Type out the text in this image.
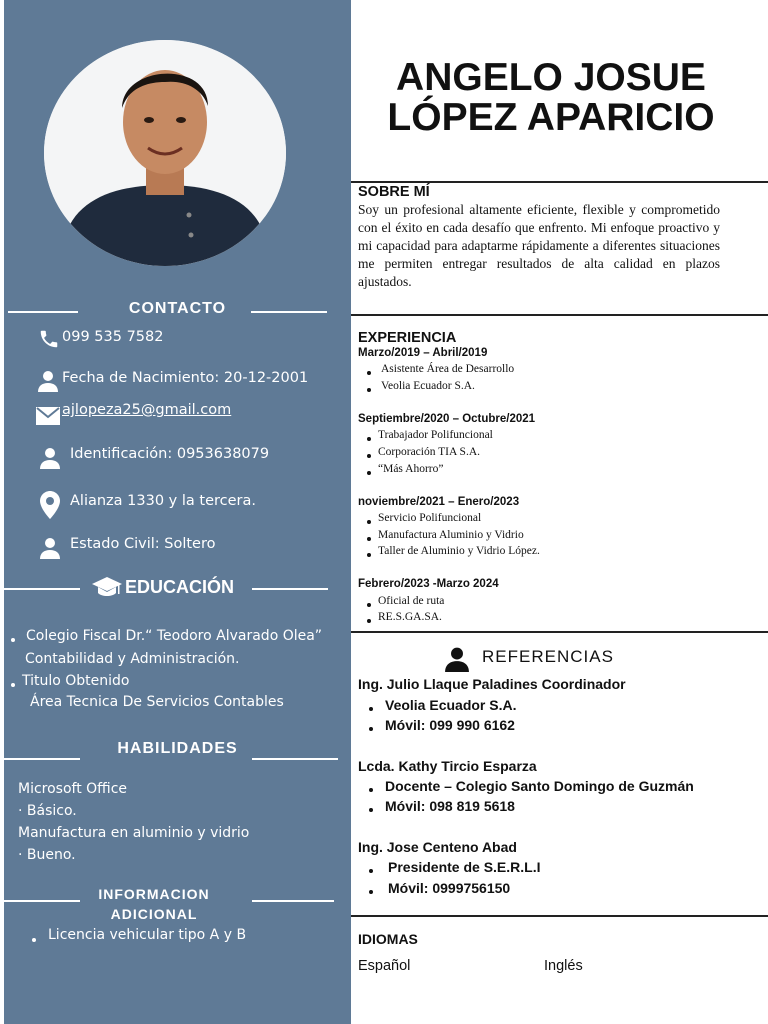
CONTACTO
099 535 7582
Fecha de Nacimiento: 20-12-2001
ajlopeza25@gmail.com
Identificación: 0953638079
Alianza 1330 y la tercera.
Estado Civil: Soltero
EDUCACIÓN
Colegio Fiscal Dr.“ Teodoro Alvarado Olea”
Contabilidad y Administración.
Titulo Obtenido
Área Tecnica De Servicios Contables
HABILIDADES
Microsoft Office
· Básico.
Manufactura en aluminio y vidrio
· Bueno.
INFORMACION
ADICIONAL
Licencia vehicular tipo A y B
ANGELO JOSUE
LÓPEZ APARICIO
SOBRE MÍ
Soy un profesional altamente eficiente, flexible y comprometido con el éxito en cada desafío que enfrento. Mi enfoque proactivo y mi capacidad para adaptarme rápidamente a diferentes situaciones me permiten entregar resultados de alta calidad en plazos ajustados.
EXPERIENCIA
Marzo/2019 – Abril/2019
Asistente Área de Desarrollo
Veolia Ecuador S.A.
Septiembre/2020 – Octubre/2021
Trabajador Polifuncional
Corporación TIA S.A.
“Más Ahorro”
noviembre/2021 – Enero/2023
Servicio Polifuncional
Manufactura Aluminio y Vidrio
Taller de Aluminio y Vidrio López.
Febrero/2023 -Marzo 2024
Oficial de ruta
RE.S.GA.SA.
REFERENCIAS
Ing. Julio Llaque Paladines Coordinador
Veolia Ecuador S.A.
Móvil: 099 990 6162
Lcda. Kathy Tircio Esparza
Docente – Colegio Santo Domingo de Guzmán
Móvil: 098 819 5618
Ing. Jose Centeno Abad
Presidente de S.E.R.L.I
Móvil: 0999756150
IDIOMAS
Español	Inglés
